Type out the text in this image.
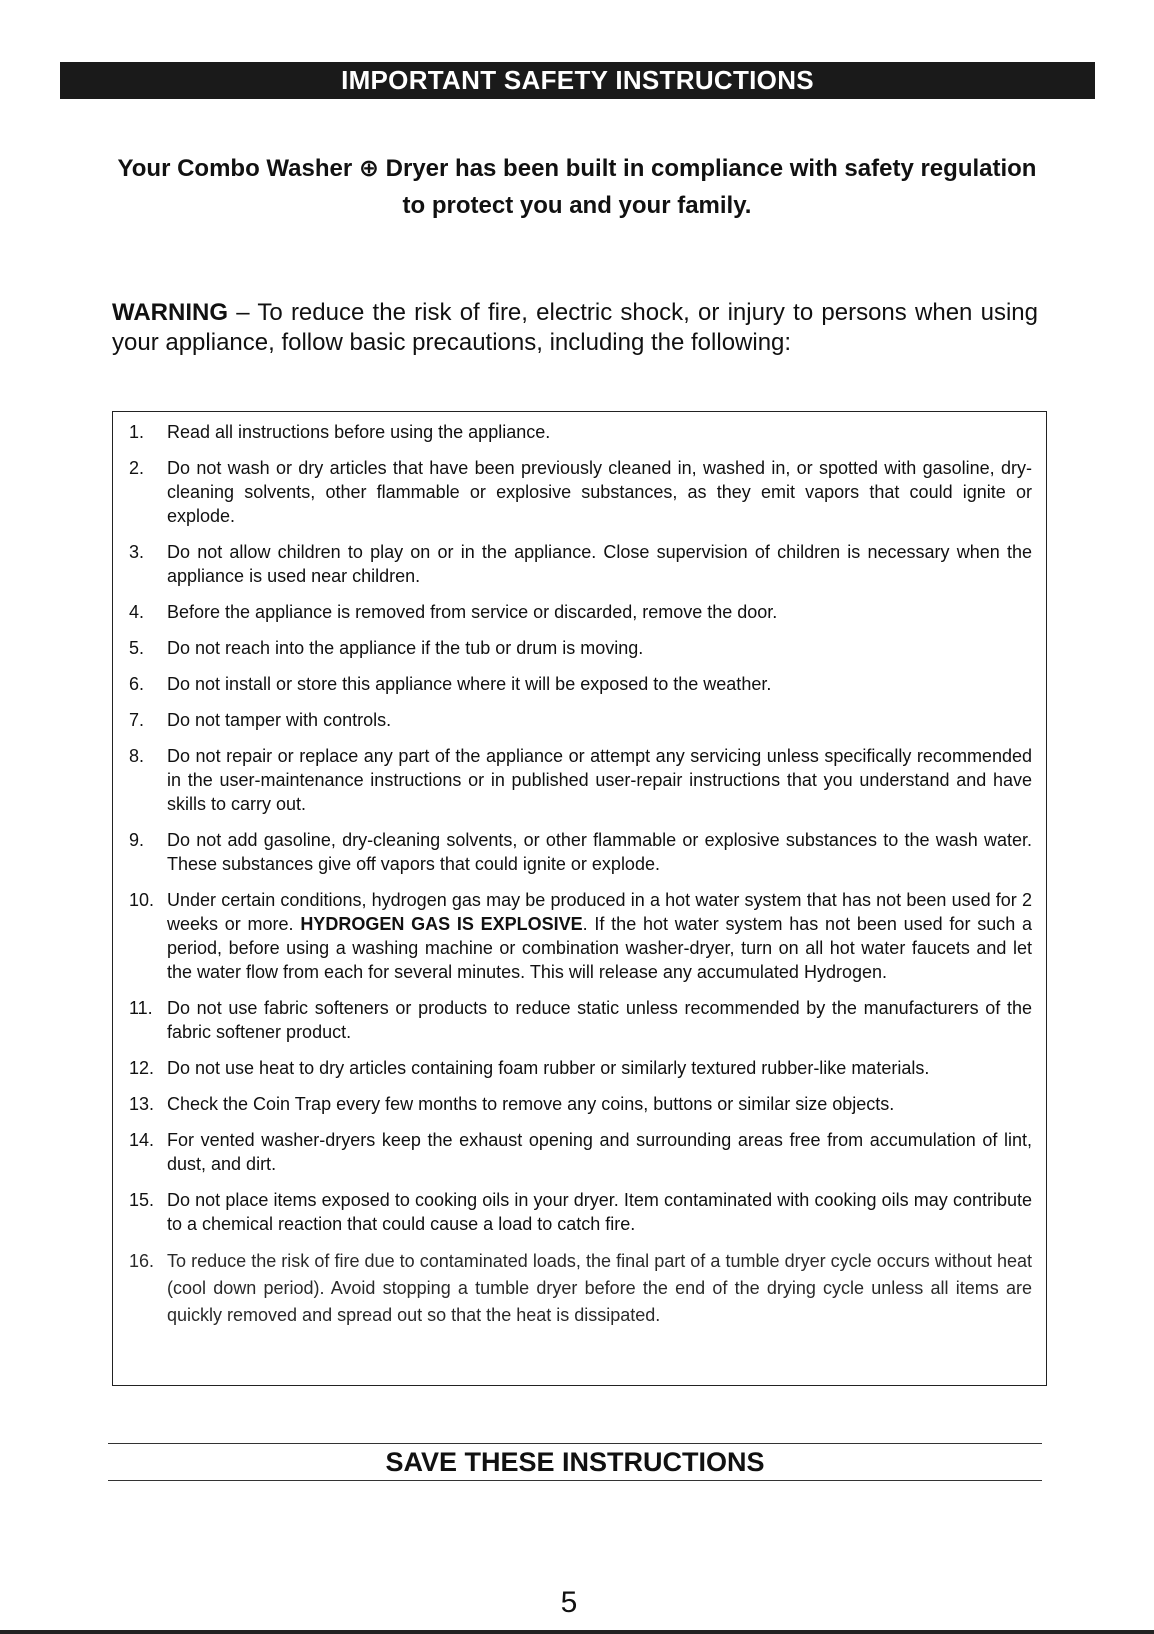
IMPORTANT SAFETY INSTRUCTIONS
Your Combo Washer ⊕ Dryer has been built in compliance with safety regulation
to protect you and your family.
WARNING – To reduce the risk of fire, electric shock, or injury to persons when using your appliance, follow basic precautions, including the following:
1.	Read all instructions before using the appliance.
2.	Do not wash or dry articles that have been previously cleaned in, washed in, or spotted with gasoline, dry-cleaning solvents, other flammable or explosive substances, as they emit vapors that could ignite or explode.
3.	Do not allow children to play on or in the appliance. Close supervision of children is necessary when the appliance is used near children.
4.	Before the appliance is removed from service or discarded, remove the door.
5.	Do not reach into the appliance if the tub or drum is moving.
6.	Do not install or store this appliance where it will be exposed to the weather.
7.	Do not tamper with controls.
8.	Do not repair or replace any part of the appliance or attempt any servicing unless specifically recommended in the user-maintenance instructions or in published user-repair instructions that you understand and have skills to carry out.
9.	Do not add gasoline, dry-cleaning solvents, or other flammable or explosive substances to the wash water. These substances give off vapors that could ignite or explode.
10. Under certain conditions, hydrogen gas may be produced in a hot water system that has not been used for 2 weeks or more. HYDROGEN GAS IS EXPLOSIVE. If the hot water system has not been used for such a period, before using a washing machine or combination washer-dryer, turn on all hot water faucets and let the water flow from each for several minutes. This will release any accumulated Hydrogen.
11. Do not use fabric softeners or products to reduce static unless recommended by the manufacturers of the fabric softener product.
12. Do not use heat to dry articles containing foam rubber or similarly textured rubber-like materials.
13. Check the Coin Trap every few months to remove any coins, buttons or similar size objects.
14. For vented washer-dryers keep the exhaust opening and surrounding areas free from accumulation of lint, dust, and dirt.
15. Do not place items exposed to cooking oils in your dryer. Item contaminated with cooking oils may contribute to a chemical reaction that could cause a load to catch fire.
16. To reduce the risk of fire due to contaminated loads, the final part of a tumble dryer cycle occurs without heat (cool down period). Avoid stopping a tumble dryer before the end of the drying cycle unless all items are quickly removed and spread out so that the heat is dissipated.
SAVE THESE INSTRUCTIONS
5
